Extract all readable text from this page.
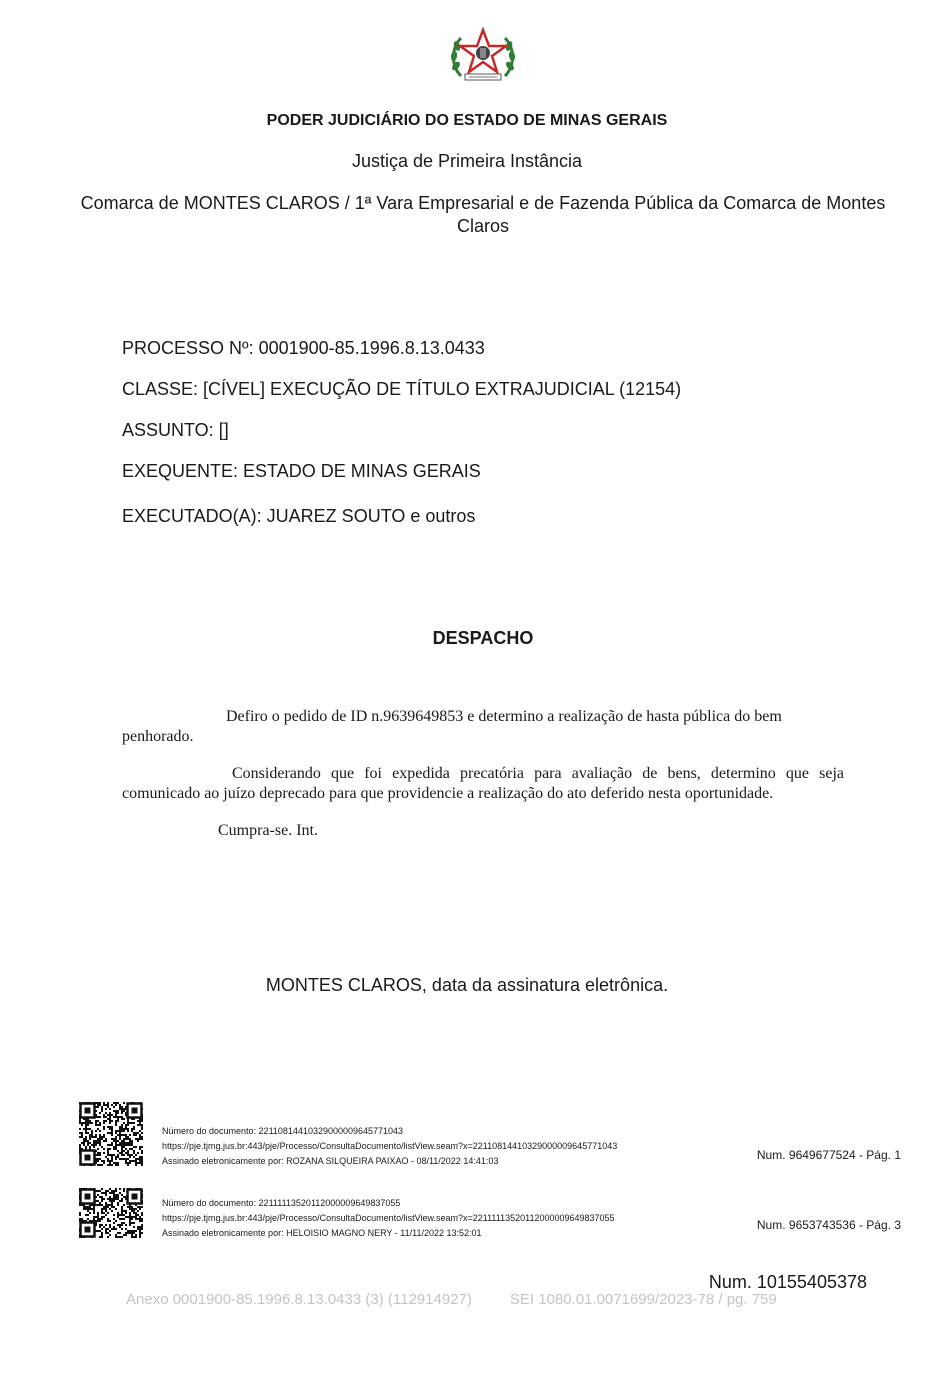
PODER JUDICIÁRIO DO ESTADO DE MINAS GERAIS
Justiça de Primeira Instância
Comarca de MONTES CLAROS / 1ª Vara Empresarial e de Fazenda Pública da Comarca de Montes Claros
PROCESSO Nº: 0001900-85.1996.8.13.0433
CLASSE: [CÍVEL] EXECUÇÃO DE TÍTULO EXTRAJUDICIAL (12154)
ASSUNTO: []
EXEQUENTE: ESTADO DE MINAS GERAIS
EXECUTADO(A): JUAREZ SOUTO e outros
DESPACHO
Defiro o pedido de ID n.9639649853 e determino a realização de hasta pública do bem
penhorado.
Considerando que foi expedida precatória para avaliação de bens, determino que seja comunicado ao juízo deprecado para que providencie a realização do ato deferido nesta oportunidade.
Cumpra-se. Int.
MONTES CLAROS, data da assinatura eletrônica.
Número do documento: 22110814410329000009645771043
https://pje.tjmg.jus.br:443/pje/Processo/ConsultaDocumento/listView.seam?x=22110814410329000009645771043
Assinado eletronicamente por: ROZANA SILQUEIRA PAIXAO - 08/11/2022 14:41:03	Num. 9649677524 - Pág. 1
Número do documento: 22111113520112000009649837055
https://pje.tjmg.jus.br:443/pje/Processo/ConsultaDocumento/listView.seam?x=22111113520112000009649837055
Assinado eletronicamente por: HELOISIO MAGNO NERY - 11/11/2022 13:52:01
Num. 9653743536 - Pág. 3
Num. 10155405378
Anexo 0001900-85.1996.8.13.0433 (3) (112914927)	SEI 1080.01.0071699/2023-78 / pg. 759
